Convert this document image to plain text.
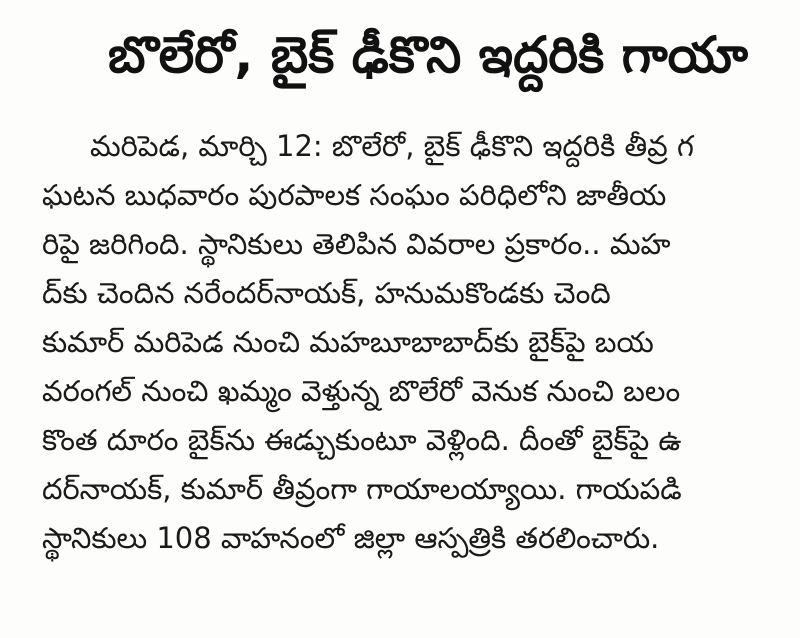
బొలేరో, బైక్ ఢీకొని ఇద్దరికి గాయా
మరిపెడ, మార్చి 12: బొలేరో, బైక్ ఢీకొని ఇద్దరికి తీవ్ర గ
ఘటన బుధవారం పురపాలక సంఘం పరిధిలోని జాతీయ
రిపై జరిగింది. స్థానికులు తెలిపిన వివరాల ప్రకారం.. మహ
ద్‌కు చెందిన నరేందర్‌నాయక్, హనుమకొండకు చెంది
కుమార్ మరిపెడ నుంచి మహబూబాబాద్‌కు బైక్‌పై బయ
వరంగల్ నుంచి ఖమ్మం వెళ్తున్న బొలేరో వెనుక నుంచి బలం
కొంత దూరం బైక్‌ను ఈడ్చుకుంటూ వెళ్లింది. దీంతో బైక్‌పై ఉ
దర్‌నాయక్, కుమార్ తీవ్రంగా గాయాలయ్యాయి. గాయపడి
స్థానికులు 108 వాహనంలో జిల్లా ఆస్పత్రికి తరలించారు.
